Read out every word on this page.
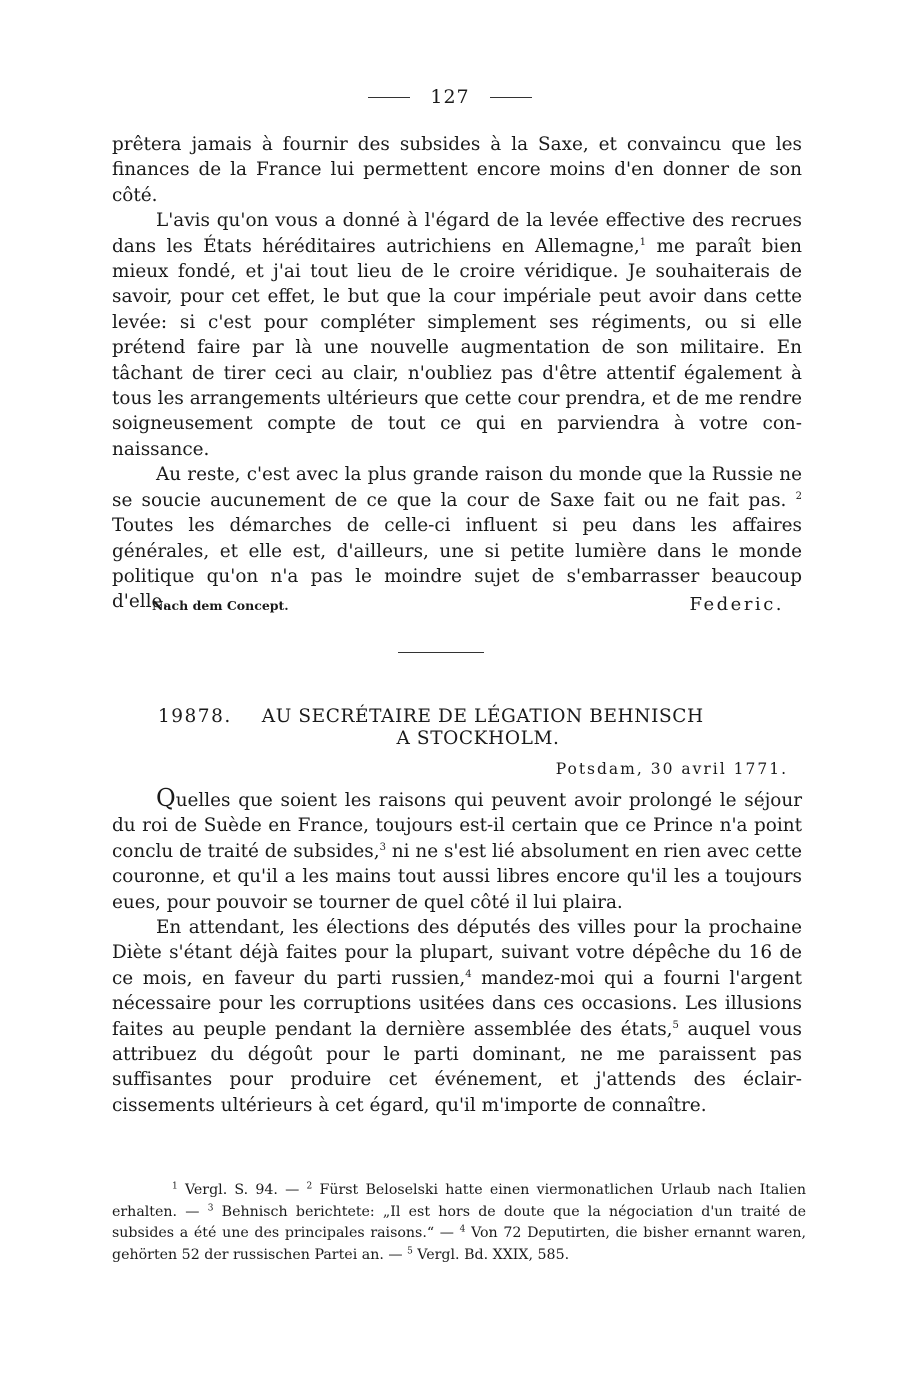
127

prêtera jamais à fournir des subsides à la Saxe, et convaincu que les finances de la France lui permettent encore moins d'en donner de son côté.

L'avis qu'on vous a donné à l'égard de la levée effective des recrues dans les États héréditaires autrichiens en Allemagne,$^1$ me paraît bien mieux fondé, et j'ai tout lieu de le croire véridique. Je souhaiterais de savoir, pour cet effet, le but que la cour impériale peut avoir dans cette levée: si c'est pour compléter simplement ses régiments, ou si elle prétend faire par là une nouvelle augmentation de son militaire. En tâchant de tirer ceci au clair, n'oubliez pas d'être attentif également à tous les arrangements ultérieurs que cette cour prendra, et de me rendre soigneusement compte de tout ce qui en parviendra à votre connaissance.

Au reste, c'est avec la plus grande raison du monde que la Russie ne se soucie aucunement de ce que la cour de Saxe fait ou ne fait pas. $^2$ Toutes les démarches de celle-ci influent si peu dans les affaires générales, et elle est, d'ailleurs, une si petite lumière dans le monde politique qu'on n'a pas le moindre sujet de s'embarrasser beaucoup d'elle.

Nach dem Concept.	Federic.
19878. AU SECRÉTAIRE DE LÉGATION BEHNISCH
A STOCKHOLM.
Potsdam, 30 avril 1771.

Quelles que soient les raisons qui peuvent avoir prolongé le séjour du roi de Suède en France, toujours est-il certain que ce Prince n'a point conclu de traité de subsides,$^3$ ni ne s'est lié absolument en rien avec cette couronne, et qu'il a les mains tout aussi libres encore qu'il les a toujours eues, pour pouvoir se tourner de quel côté il lui plaira.

En attendant, les élections des députés des villes pour la prochaine Diète s'étant déjà faites pour la plupart, suivant votre dépêche du 16 de ce mois, en faveur du parti russien,$^4$ mandez-moi qui a fourni l'argent nécessaire pour les corruptions usitées dans ces occasions. Les illusions faites au peuple pendant la dernière assemblée des états,$^5$ auquel vous attribuez du dégoût pour le parti dominant, ne me paraissent pas suffisantes pour produire cet événement, et j'attends des éclaircissements ultérieurs à cet égard, qu'il m'importe de connaître.

$^1$ Vergl. S. 94. — $^2$ Fürst Beloselski hatte einen viermonatlichen Urlaub nach Italien erhalten. — $^3$ Behnisch berichtete: „Il est hors de doute que la négociation d'un traité de subsides a été une des principales raisons.“ — $^4$ Von 72 Deputirten, die bisher ernannt waren, gehörten 52 der russischen Partei an. — $^5$ Vergl. Bd. XXIX, 585.
